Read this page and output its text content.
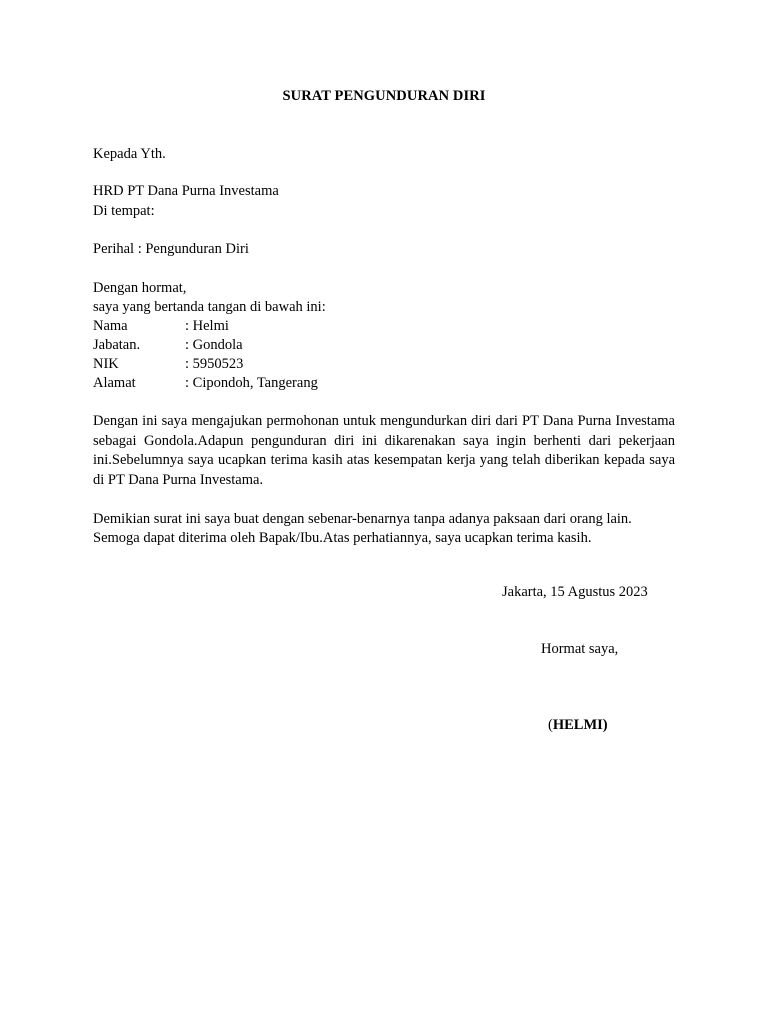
SURAT PENGUNDURAN DIRI
Kepada Yth.
HRD PT Dana Purna Investama
Di tempat:
Perihal : Pengunduran Diri
Dengan hormat,
saya yang bertanda tangan di bawah ini:
Nama	: Helmi
Jabatan.	: Gondola
NIK	: 5950523
Alamat	: Cipondoh, Tangerang
Dengan ini saya mengajukan permohonan untuk mengundurkan diri dari PT Dana Purna Investama sebagai Gondola.Adapun pengunduran diri ini dikarenakan saya ingin berhenti dari pekerjaan ini.Sebelumnya saya ucapkan terima kasih atas kesempatan kerja yang telah diberikan kepada saya di PT Dana Purna Investama.
Demikian surat ini saya buat dengan sebenar-benarnya tanpa adanya paksaan dari orang lain.
Semoga dapat diterima oleh Bapak/Ibu.Atas perhatiannya, saya ucapkan terima kasih.
Jakarta, 15 Agustus 2023
Hormat saya,
(HELMI)
